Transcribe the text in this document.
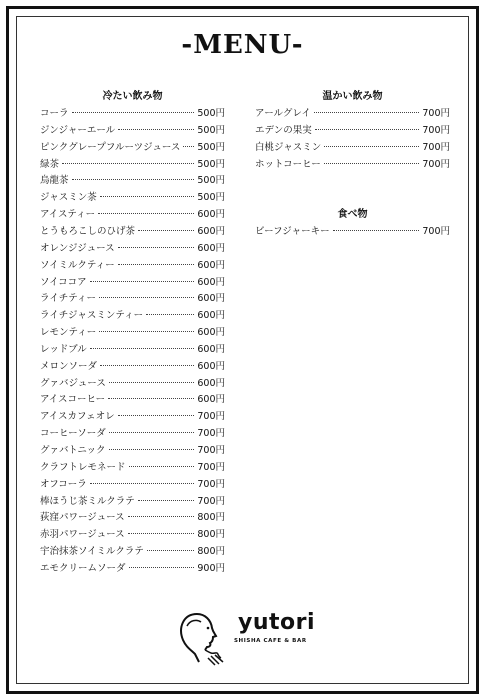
-MENU-
冷たい飲み物
コーラ	500円
ジンジャーエール	500円
ピンクグレープフルーツジュース 500円
緑茶	500円
烏龍茶	500円
ジャスミン茶	500円
アイスティー	600円
とうもろこしのひげ茶	600円
オレンジジュース	600円
ソイミルクティー	600円
ソイココア	600円
ライチティー	600円
ライチジャスミンティー	600円
レモンティー	600円
レッドブル	600円
メロンソーダ	600円
グァバジュース	600円
アイスコーヒー	600円
アイスカフェオレ	700円
コーヒーソーダ	700円
グァバトニック	700円
クラフトレモネード	700円
オフコーラ	700円
棒ほうじ茶ミルクラテ	700円
荻窪パワージュース	800円
赤羽パワージュース	800円
宇治抹茶ソイミルクラテ	800円
エモクリームソーダ	900円
温かい飲み物
アールグレイ	700円
エデンの果実	700円
白桃ジャスミン	700円
ホットコーヒー	700円
食べ物
ビーフジャーキー	700円
yutori
SHISHA CAFE & BAR
